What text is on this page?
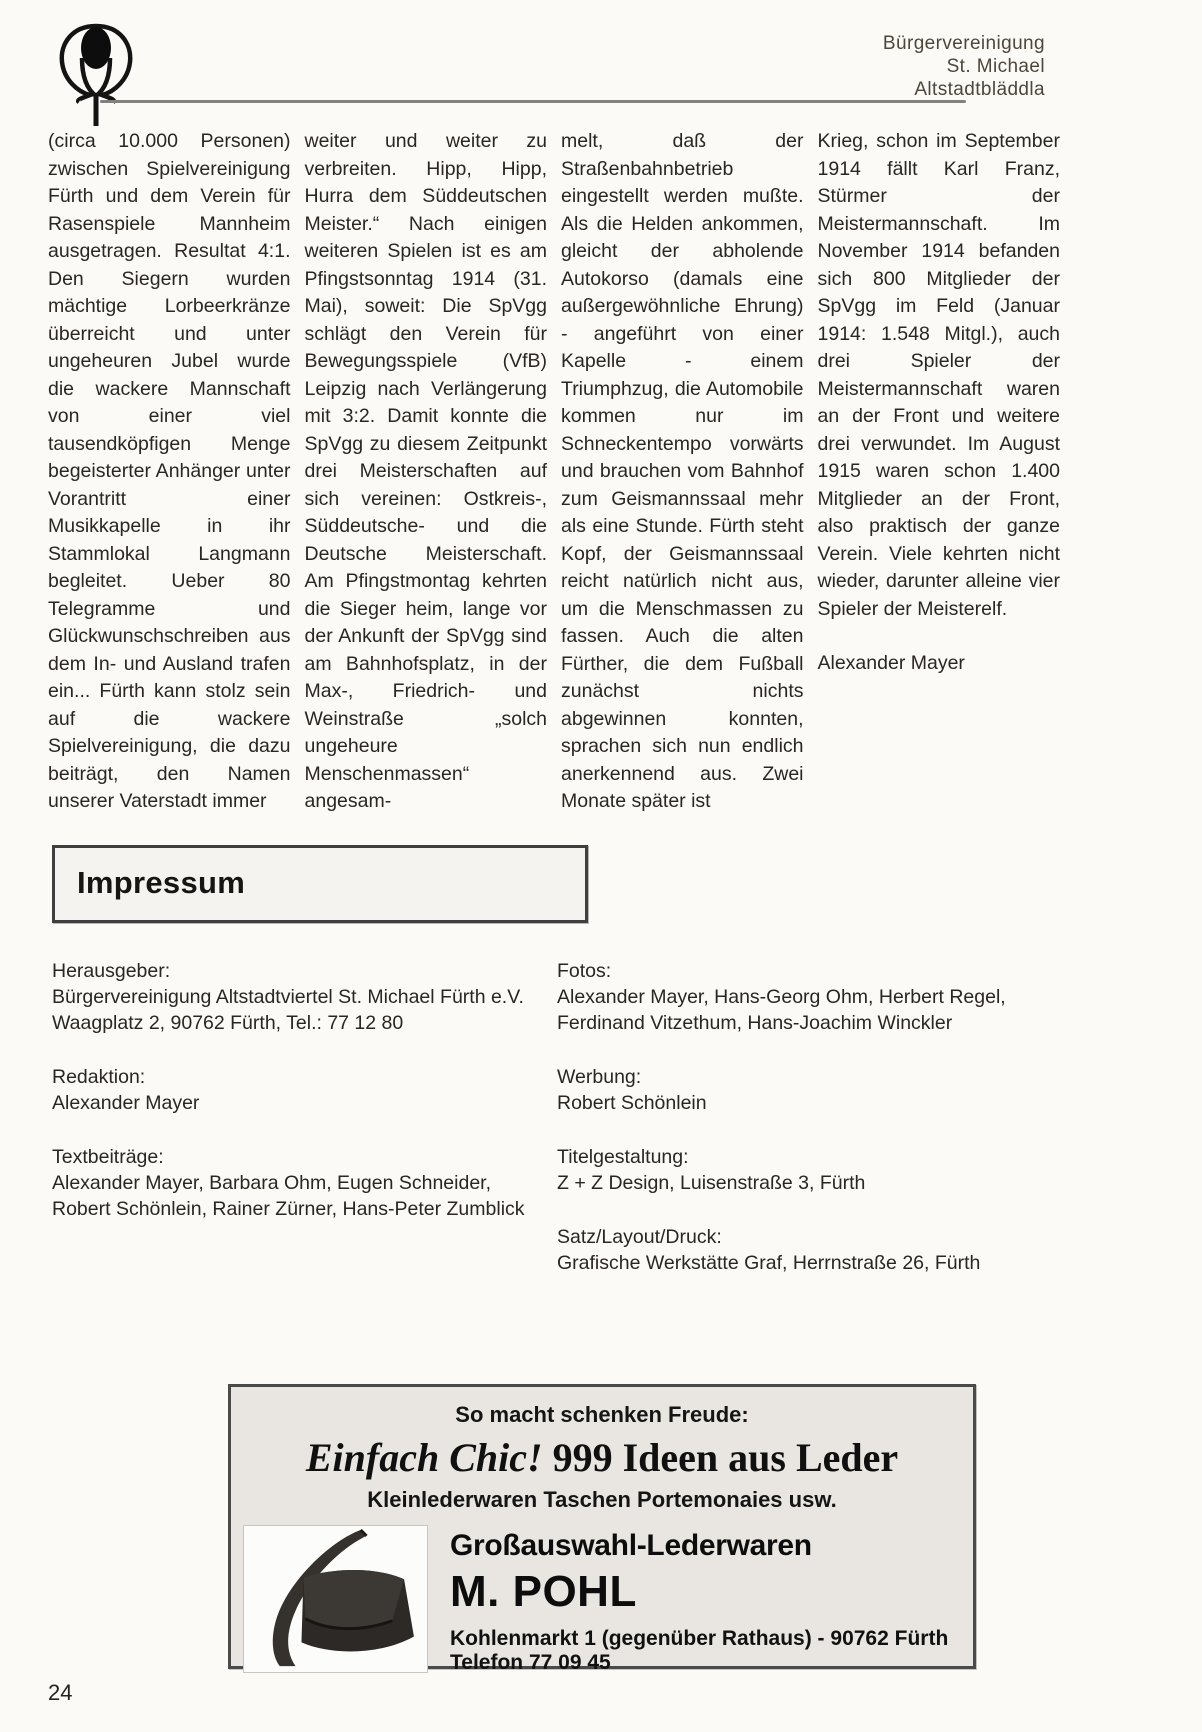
Bürgervereinigung
St. Michael
Altstadtbläddla
(circa 10.000 Personen) zwischen Spielvereinigung Fürth und dem Verein für Rasenspiele Mannheim ausgetragen. Resultat 4:1. Den Siegern wurden mächtige Lorbeerkränze überreicht und unter ungeheuren Jubel wurde die wackere Mannschaft von einer viel tausendköpfigen Menge begeisterter Anhänger unter Vorantritt einer Musikkapelle in ihr Stammlokal Langmann begleitet. Ueber 80 Telegramme und Glückwunschschreiben aus dem In- und Ausland trafen ein... Fürth kann stolz sein auf die wackere Spielvereinigung, die dazu beiträgt, den Namen unserer Vaterstadt immer
weiter und weiter zu verbreiten. Hipp, Hipp, Hurra dem Süddeutschen Meister.“ Nach einigen weiteren Spielen ist es am Pfingstsonntag 1914 (31. Mai), soweit: Die SpVgg schlägt den Verein für Bewegungsspiele (VfB) Leipzig nach Verlängerung mit 3:2. Damit konnte die SpVgg zu diesem Zeitpunkt drei Meisterschaften auf sich vereinen: Ostkreis-, Süddeutsche- und die Deutsche Meisterschaft. Am Pfingstmontag kehrten die Sieger heim, lange vor der Ankunft der SpVgg sind am Bahnhofsplatz, in der Max-, Friedrich- und Weinstraße „solch ungeheure Menschenmassen“ angesam-
melt, daß der Straßenbahnbetrieb eingestellt werden mußte. Als die Helden ankommen, gleicht der abholende Autokorso (damals eine außergewöhnliche Ehrung) - angeführt von einer Kapelle - einem Triumphzug, die Automobile kommen nur im Schneckentempo vorwärts und brauchen vom Bahnhof zum Geismannssaal mehr als eine Stunde. Fürth steht Kopf, der Geismannssaal reicht natürlich nicht aus, um die Menschmassen zu fassen. Auch die alten Fürther, die dem Fußball zunächst nichts abgewinnen konnten, sprachen sich nun endlich anerkennend aus. Zwei Monate später ist
Krieg, schon im September 1914 fällt Karl Franz, Stürmer der Meistermannschaft. Im November 1914 befanden sich 800 Mitglieder der SpVgg im Feld (Januar 1914: 1.548 Mitgl.), auch drei Spieler der Meistermannschaft waren an der Front und weitere drei verwundet. Im August 1915 waren schon 1.400 Mitglieder an der Front, also praktisch der ganze Verein. Viele kehrten nicht wieder, darunter alleine vier Spieler der Meisterelf.
Alexander Mayer
Impressum
Herausgeber:
Bürgervereinigung Altstadtviertel St. Michael Fürth e.V.
Waagplatz 2, 90762 Fürth, Tel.: 77 12 80
Redaktion:
Alexander Mayer
Textbeiträge:
Alexander Mayer, Barbara Ohm, Eugen Schneider,
Robert Schönlein, Rainer Zürner, Hans-Peter Zumblick
Fotos:
Alexander Mayer, Hans-Georg Ohm, Herbert Regel,
Ferdinand Vitzethum, Hans-Joachim Winckler
Werbung:
Robert Schönlein
Titelgestaltung:
Z + Z Design, Luisenstraße 3, Fürth
Satz/Layout/Druck:
Grafische Werkstätte Graf, Herrnstraße 26, Fürth
So macht schenken Freude:
Einfach Chic! 999 Ideen aus Leder
Kleinlederwaren Taschen Portemonaies usw.
Großauswahl-Lederwaren
M. POHL
Kohlenmarkt 1 (gegenüber Rathaus) - 90762 Fürth
Telefon 77 09 45
24
